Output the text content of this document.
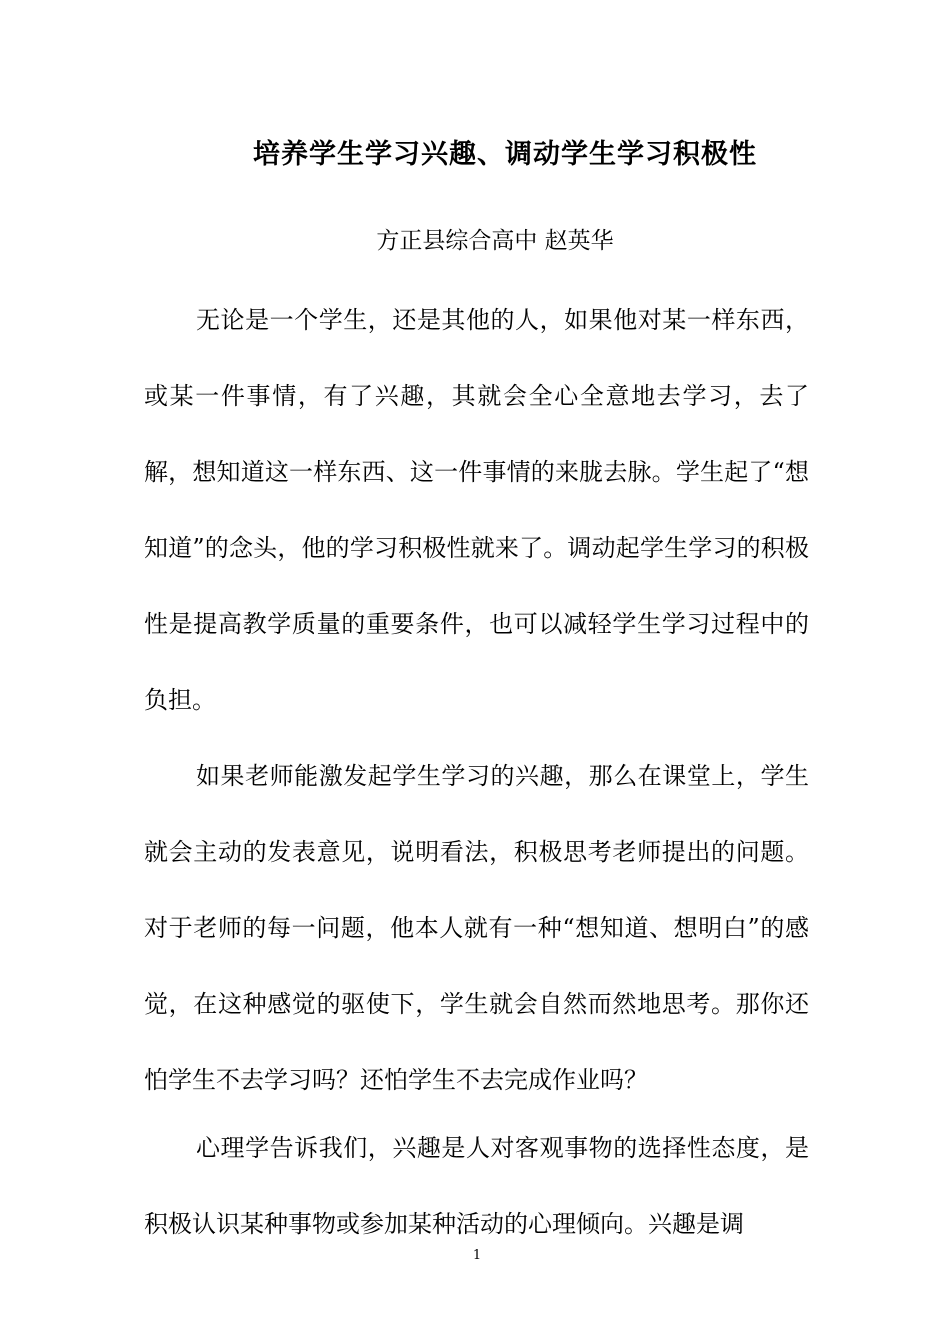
培养学生学习兴趣、调动学生学习积极性
方正县综合高中 赵英华

无论是一个学生，还是其他的人，如果他对某一样东西，或某一件事情，有了兴趣，其就会全心全意地去学习，去了解，想知道这一样东西、这一件事情的来胧去脉。学生起了“想知道”的念头，他的学习积极性就来了。调动起学生学习的积极性是提高教学质量的重要条件，也可以减轻学生学习过程中的负担。

如果老师能激发起学生学习的兴趣，那么在课堂上，学生就会主动的发表意见，说明看法，积极思考老师提出的问题。对于老师的每一问题，他本人就有一种“想知道、想明白”的感觉，在这种感觉的驱使下，学生就会自然而然地思考。那你还怕学生不去学习吗？还怕学生不去完成作业吗？

心理学告诉我们，兴趣是人对客观事物的选择性态度，是积极认识某种事物或参加某种活动的心理倾向。兴趣是调

1
